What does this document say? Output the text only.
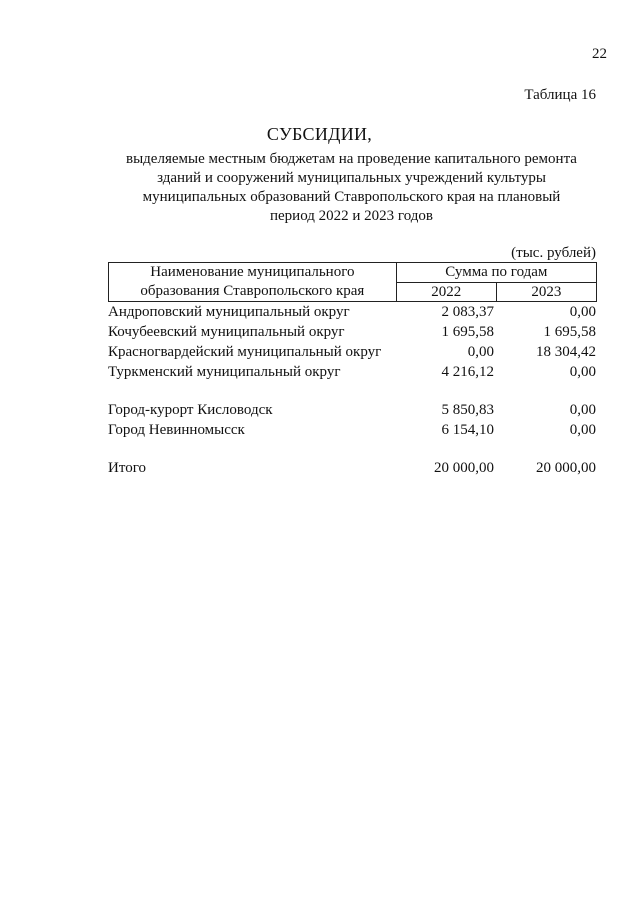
22
Таблица 16
СУБСИДИИ,
выделяемые местным бюджетам на проведение капитального ремонта
зданий и сооружений муниципальных учреждений культуры
муниципальных образований Ставропольского края на плановый
период 2022 и 2023 годов
(тыс. рублей)
Наименование муниципального
образования Ставропольского края	Сумма по годам	
	2022	2023
Андроповский муниципальный округ	2 083,37	0,00
Кочубеевский муниципальный округ	1 695,58	1 695,58
Красногвардейский муниципальный округ	0,00	18 304,42
Туркменский муниципальный округ	4 216,12	0,00
Город-курорт Кисловодск	5 850,83	0,00
Город Невинномысск	6 154,10	0,00
Итого	20 000,00	20 000,00
